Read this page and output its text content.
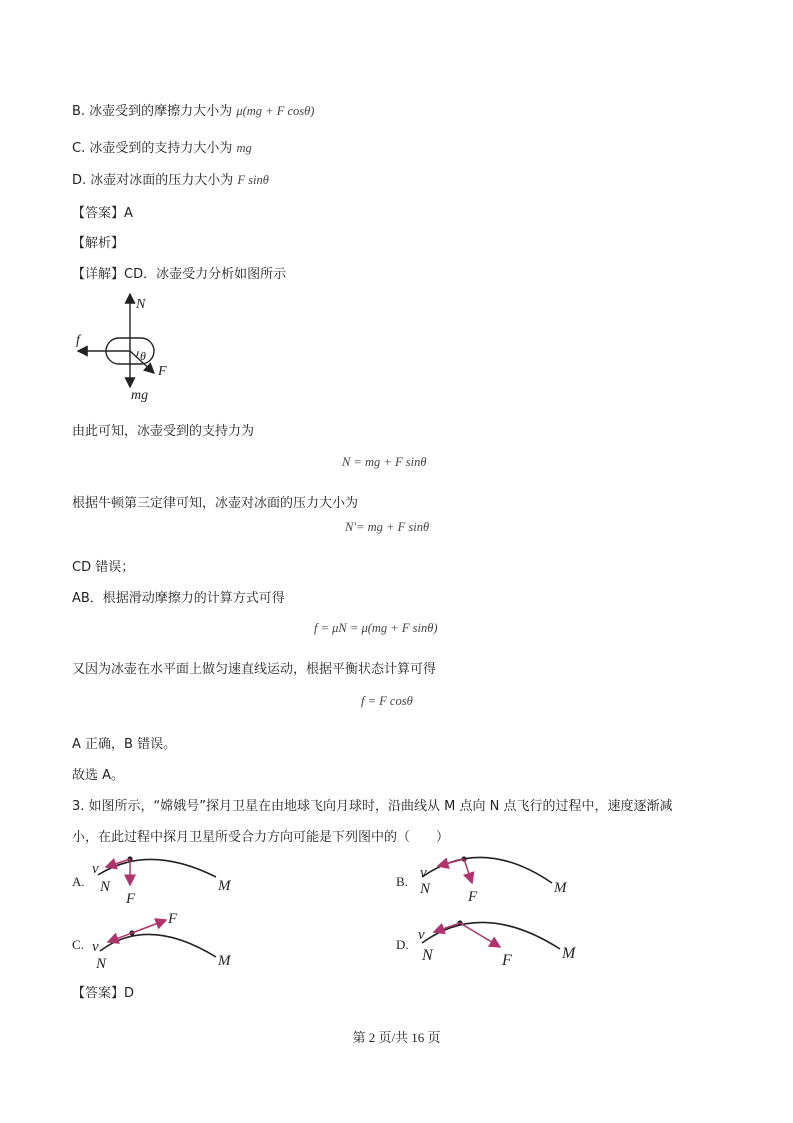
B. 冰壶受到的摩擦力大小为 μ(mg + F cosθ)
C. 冰壶受到的支持力大小为 mg
D. 冰壶对冰面的压力大小为 F sinθ
【答案】A
【解析】
【详解】CD．冰壶受力分析如图所示
N
f
θ
F
mg
由此可知，冰壶受到的支持力为
N = mg + F sinθ
根据牛顿第三定律可知，冰壶对冰面的压力大小为
N′= mg + F sinθ
CD 错误；
AB．根据滑动摩擦力的计算方式可得
f = μN = μ(mg + F sinθ)
又因为冰壶在水平面上做匀速直线运动，根据平衡状态计算可得
f = F cosθ
A 正确，B 错误。
故选 A。
3. 如图所示，“嫦娥号”探月卫星在由地球飞向月球时，沿曲线从 M 点向 N 点飞行的过程中，速度逐渐减
小，在此过程中探月卫星所受合力方向可能是下列图中的（　　）
A.
v
N
F
M	B.
v
N	F
M
C. v
N
F
M
D.
v
N	F	M
【答案】D
第 2 页/共 16 页
